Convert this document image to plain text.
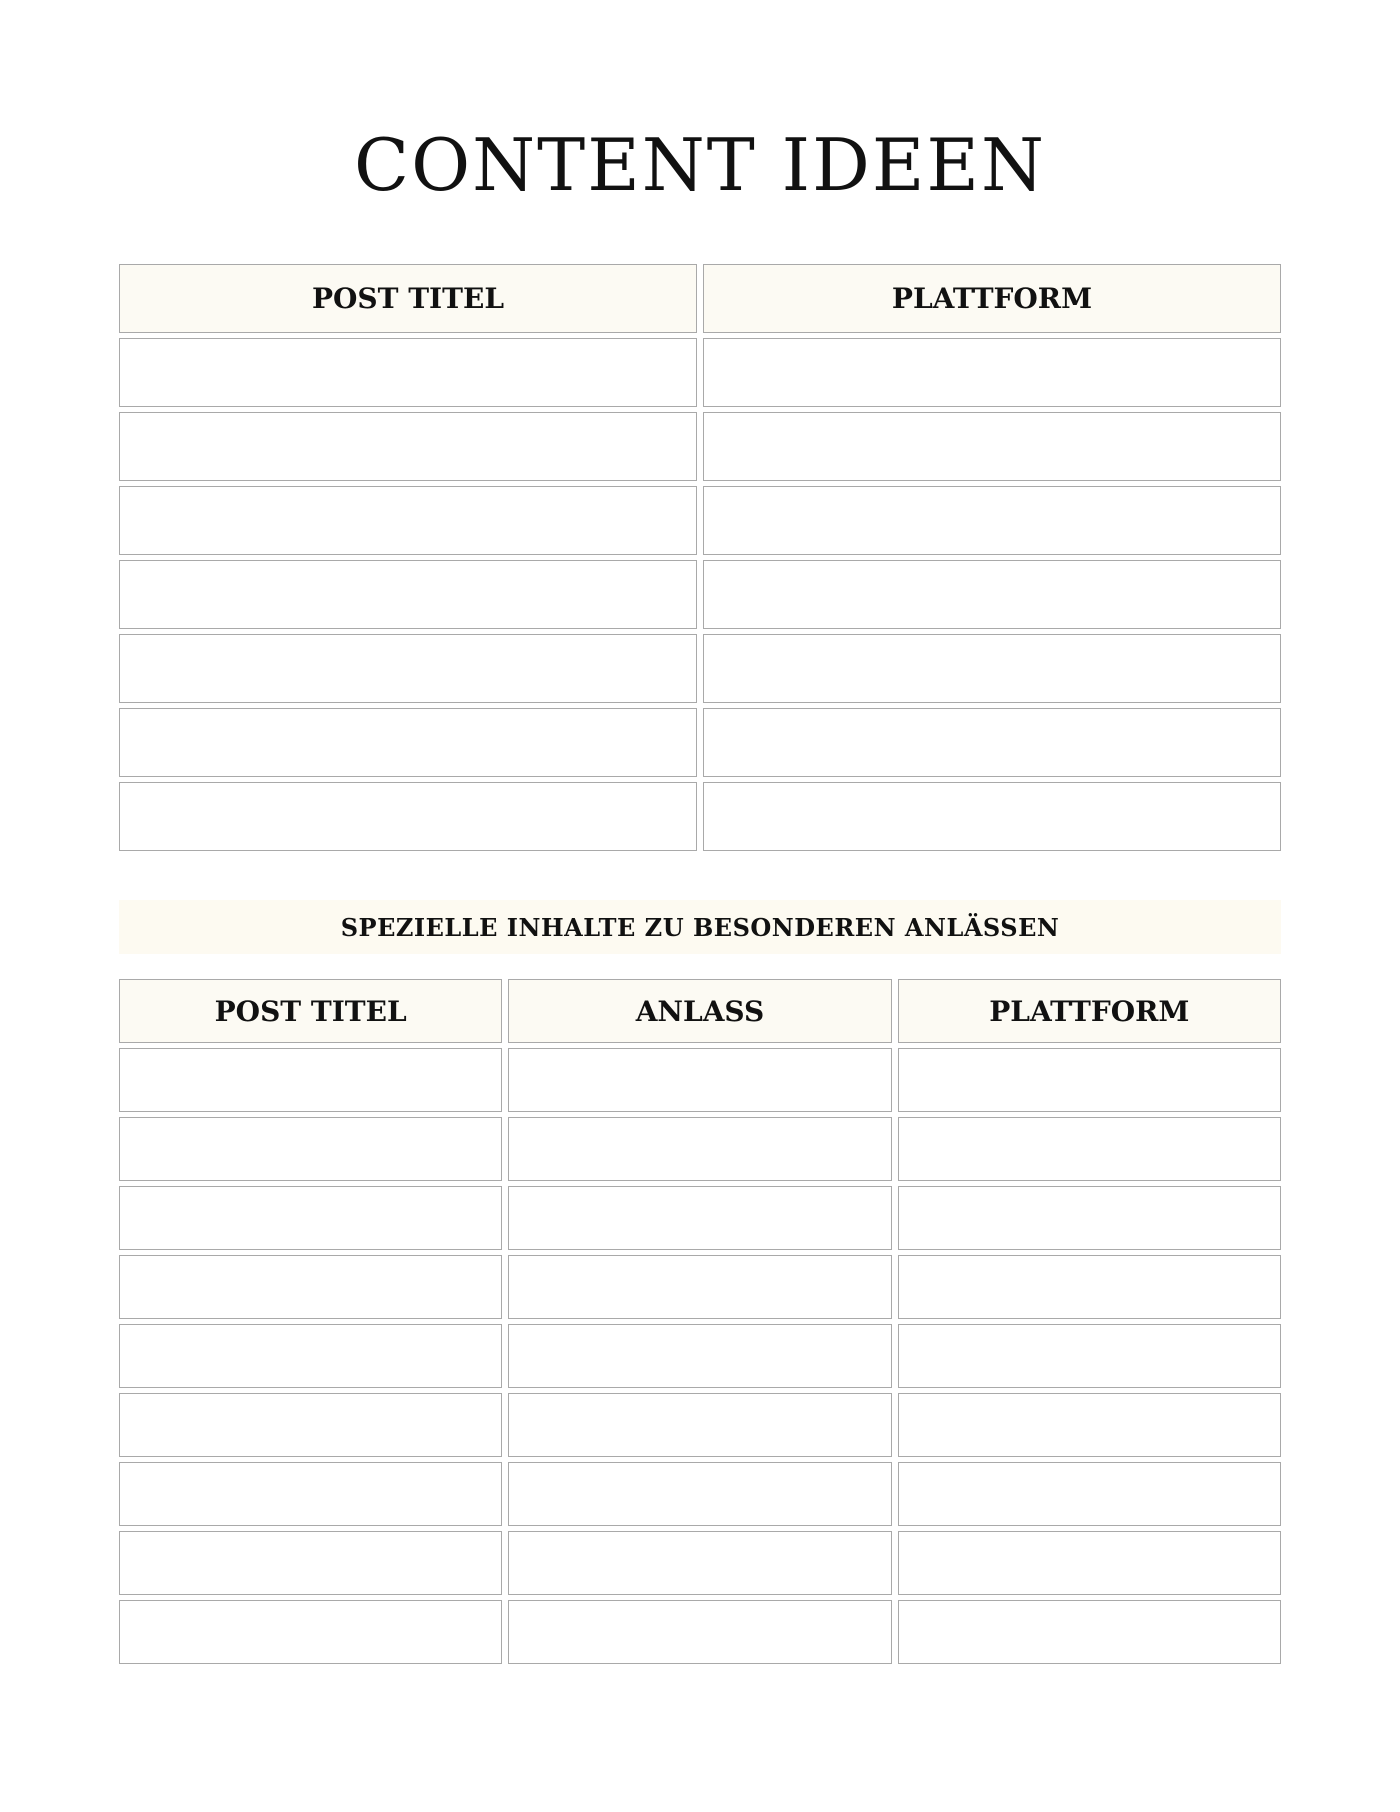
CONTENT IDEEN
POST TITEL	PLATTFORM
SPEZIELLE INHALTE ZU BESONDEREN ANLÄSSEN
POST TITEL	ANLASS	PLATTFORM
